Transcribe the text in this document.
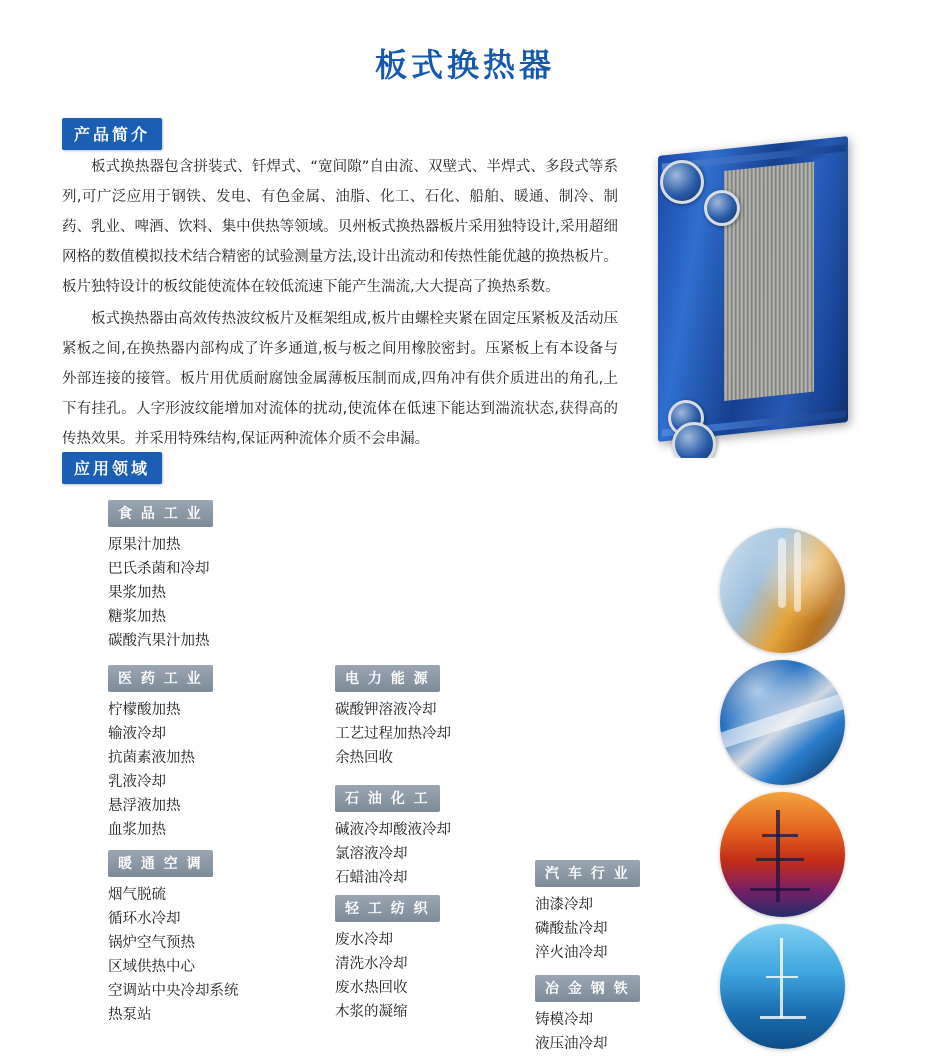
板式换热器
产品简介

板式换热器包含拼装式、钎焊式、“宽间隙”自由流、双壁式、半焊式、多段式等系列,可广泛应用于钢铁、发电、有色金属、油脂、化工、石化、船舶、暖通、制冷、制药、乳业、啤酒、饮料、集中供热等领域。贝州板式换热器板片采用独特设计,采用超细网格的数值模拟技术结合精密的试验测量方法,设计出流动和传热性能优越的换热板片。板片独特设计的板纹能使流体在较低流速下能产生湍流,大大提高了换热系数。

板式换热器由高效传热波纹板片及框架组成,板片由螺栓夹紧在固定压紧板及活动压紧板之间,在换热器内部构成了许多通道,板与板之间用橡胶密封。压紧板上有本设备与外部连接的接管。板片用优质耐腐蚀金属薄板压制而成,四角冲有供介质进出的角孔,上下有挂孔。人字形波纹能增加对流体的扰动,使流体在低速下能达到湍流状态,获得高的传热效果。并采用特殊结构,保证两种流体介质不会串漏。

应用领域
食 品 工 业
原果汁加热
巴氏杀菌和冷却
果浆加热
糖浆加热
碳酸汽果汁加热
医 药 工 业
柠檬酸加热
输液冷却
抗菌素液加热
乳液冷却
悬浮液加热
血浆加热
暖 通 空 调
烟气脱硫
循环水冷却
锅炉空气预热
区域供热中心
空调站中央冷却系统
热泵站
电 力 能 源
碳酸钾溶液冷却
工艺过程加热冷却
余热回收
石 油 化 工
碱液冷却酸液冷却
氯溶液冷却
石蜡油冷却
轻 工 纺 织
废水冷却
清洗水冷却
废水热回收
木浆的凝缩
汽 车 行 业
油漆冷却
磷酸盐冷却
淬火油冷却
冶 金 钢 铁
铸模冷却
液压油冷却
